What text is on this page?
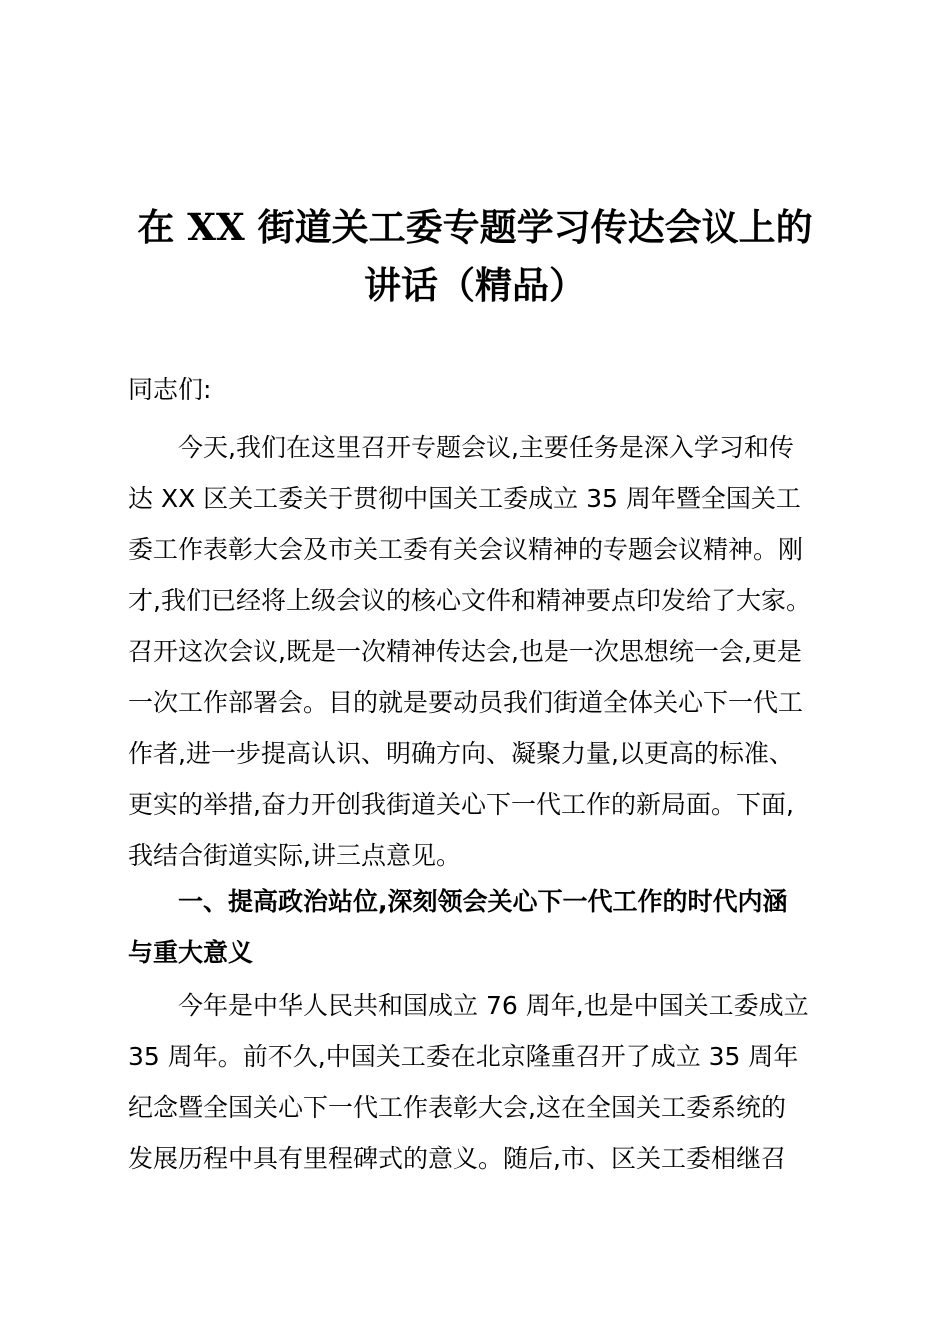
在 XX 街道关工委专题学习传达会议上的
讲话（精品）

同志们:

今天,我们在这里召开专题会议,主要任务是深入学习和传
达 XX 区关工委关于贯彻中国关工委成立 35 周年暨全国关工
委工作表彰大会及市关工委有关会议精神的专题会议精神。刚
才,我们已经将上级会议的核心文件和精神要点印发给了大家。
召开这次会议,既是一次精神传达会,也是一次思想统一会,更是
一次工作部署会。目的就是要动员我们街道全体关心下一代工
作者,进一步提高认识、明确方向、凝聚力量,以更高的标准、
更实的举措,奋力开创我街道关心下一代工作的新局面。下面,
我结合街道实际,讲三点意见。

一、提高政治站位,深刻领会关心下一代工作的时代内涵
与重大意义

今年是中华人民共和国成立 76 周年,也是中国关工委成立
35 周年。前不久,中国关工委在北京隆重召开了成立 35 周年
纪念暨全国关心下一代工作表彰大会,这在全国关工委系统的
发展历程中具有里程碑式的意义。随后,市、区关工委相继召
